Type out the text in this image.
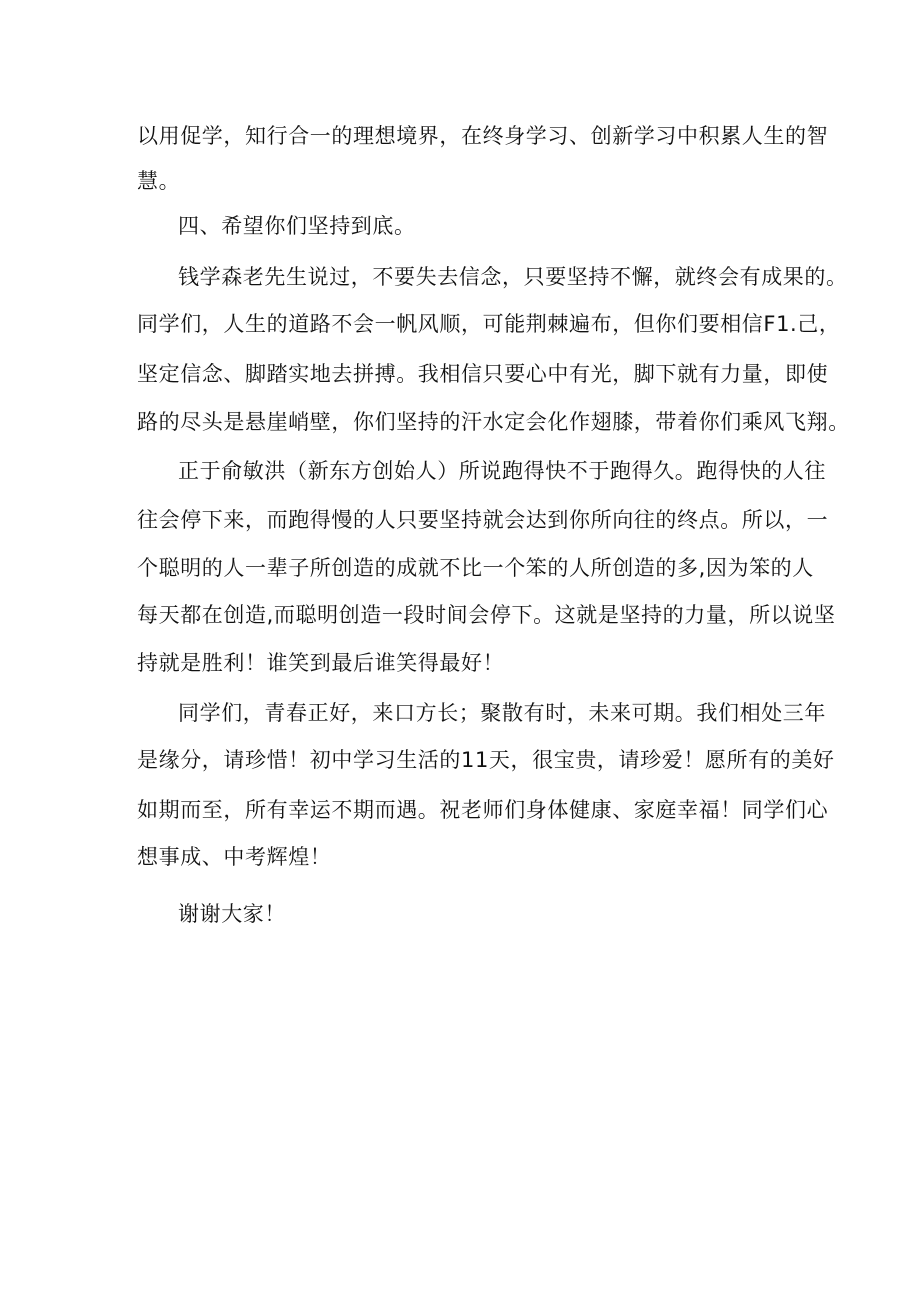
以用促学，知行合一的理想境界，在终身学习、创新学习中积累人生的智
慧。
四、希望你们坚持到底。
钱学森老先生说过，不要失去信念，只要坚持不懈，就终会有成果的。
同学们，人生的道路不会一帆风顺，可能荆棘遍布，但你们要相信F1.己，
坚定信念、脚踏实地去拼搏。我相信只要心中有光，脚下就有力量，即使
路的尽头是悬崖峭壁，你们坚持的汗水定会化作翅膝，带着你们乘风飞翔。
正于俞敏洪（新东方创始人）所说跑得快不于跑得久。跑得快的人往
往会停下来，而跑得慢的人只要坚持就会达到你所向往的终点。所以，一
个聪明的人一辈子所创造的成就不比一个笨的人所创造的多,因为笨的人
每天都在创造,而聪明创造一段时间会停下。这就是坚持的力量，所以说坚
持就是胜利！谁笑到最后谁笑得最好！
同学们，青春正好，来口方长；聚散有时，未来可期。我们相处三年
是缘分，请珍惜！初中学习生活的11天，很宝贵，请珍爱！愿所有的美好
如期而至，所有幸运不期而遇。祝老师们身体健康、家庭幸福！同学们心
想事成、中考辉煌！
谢谢大家！
